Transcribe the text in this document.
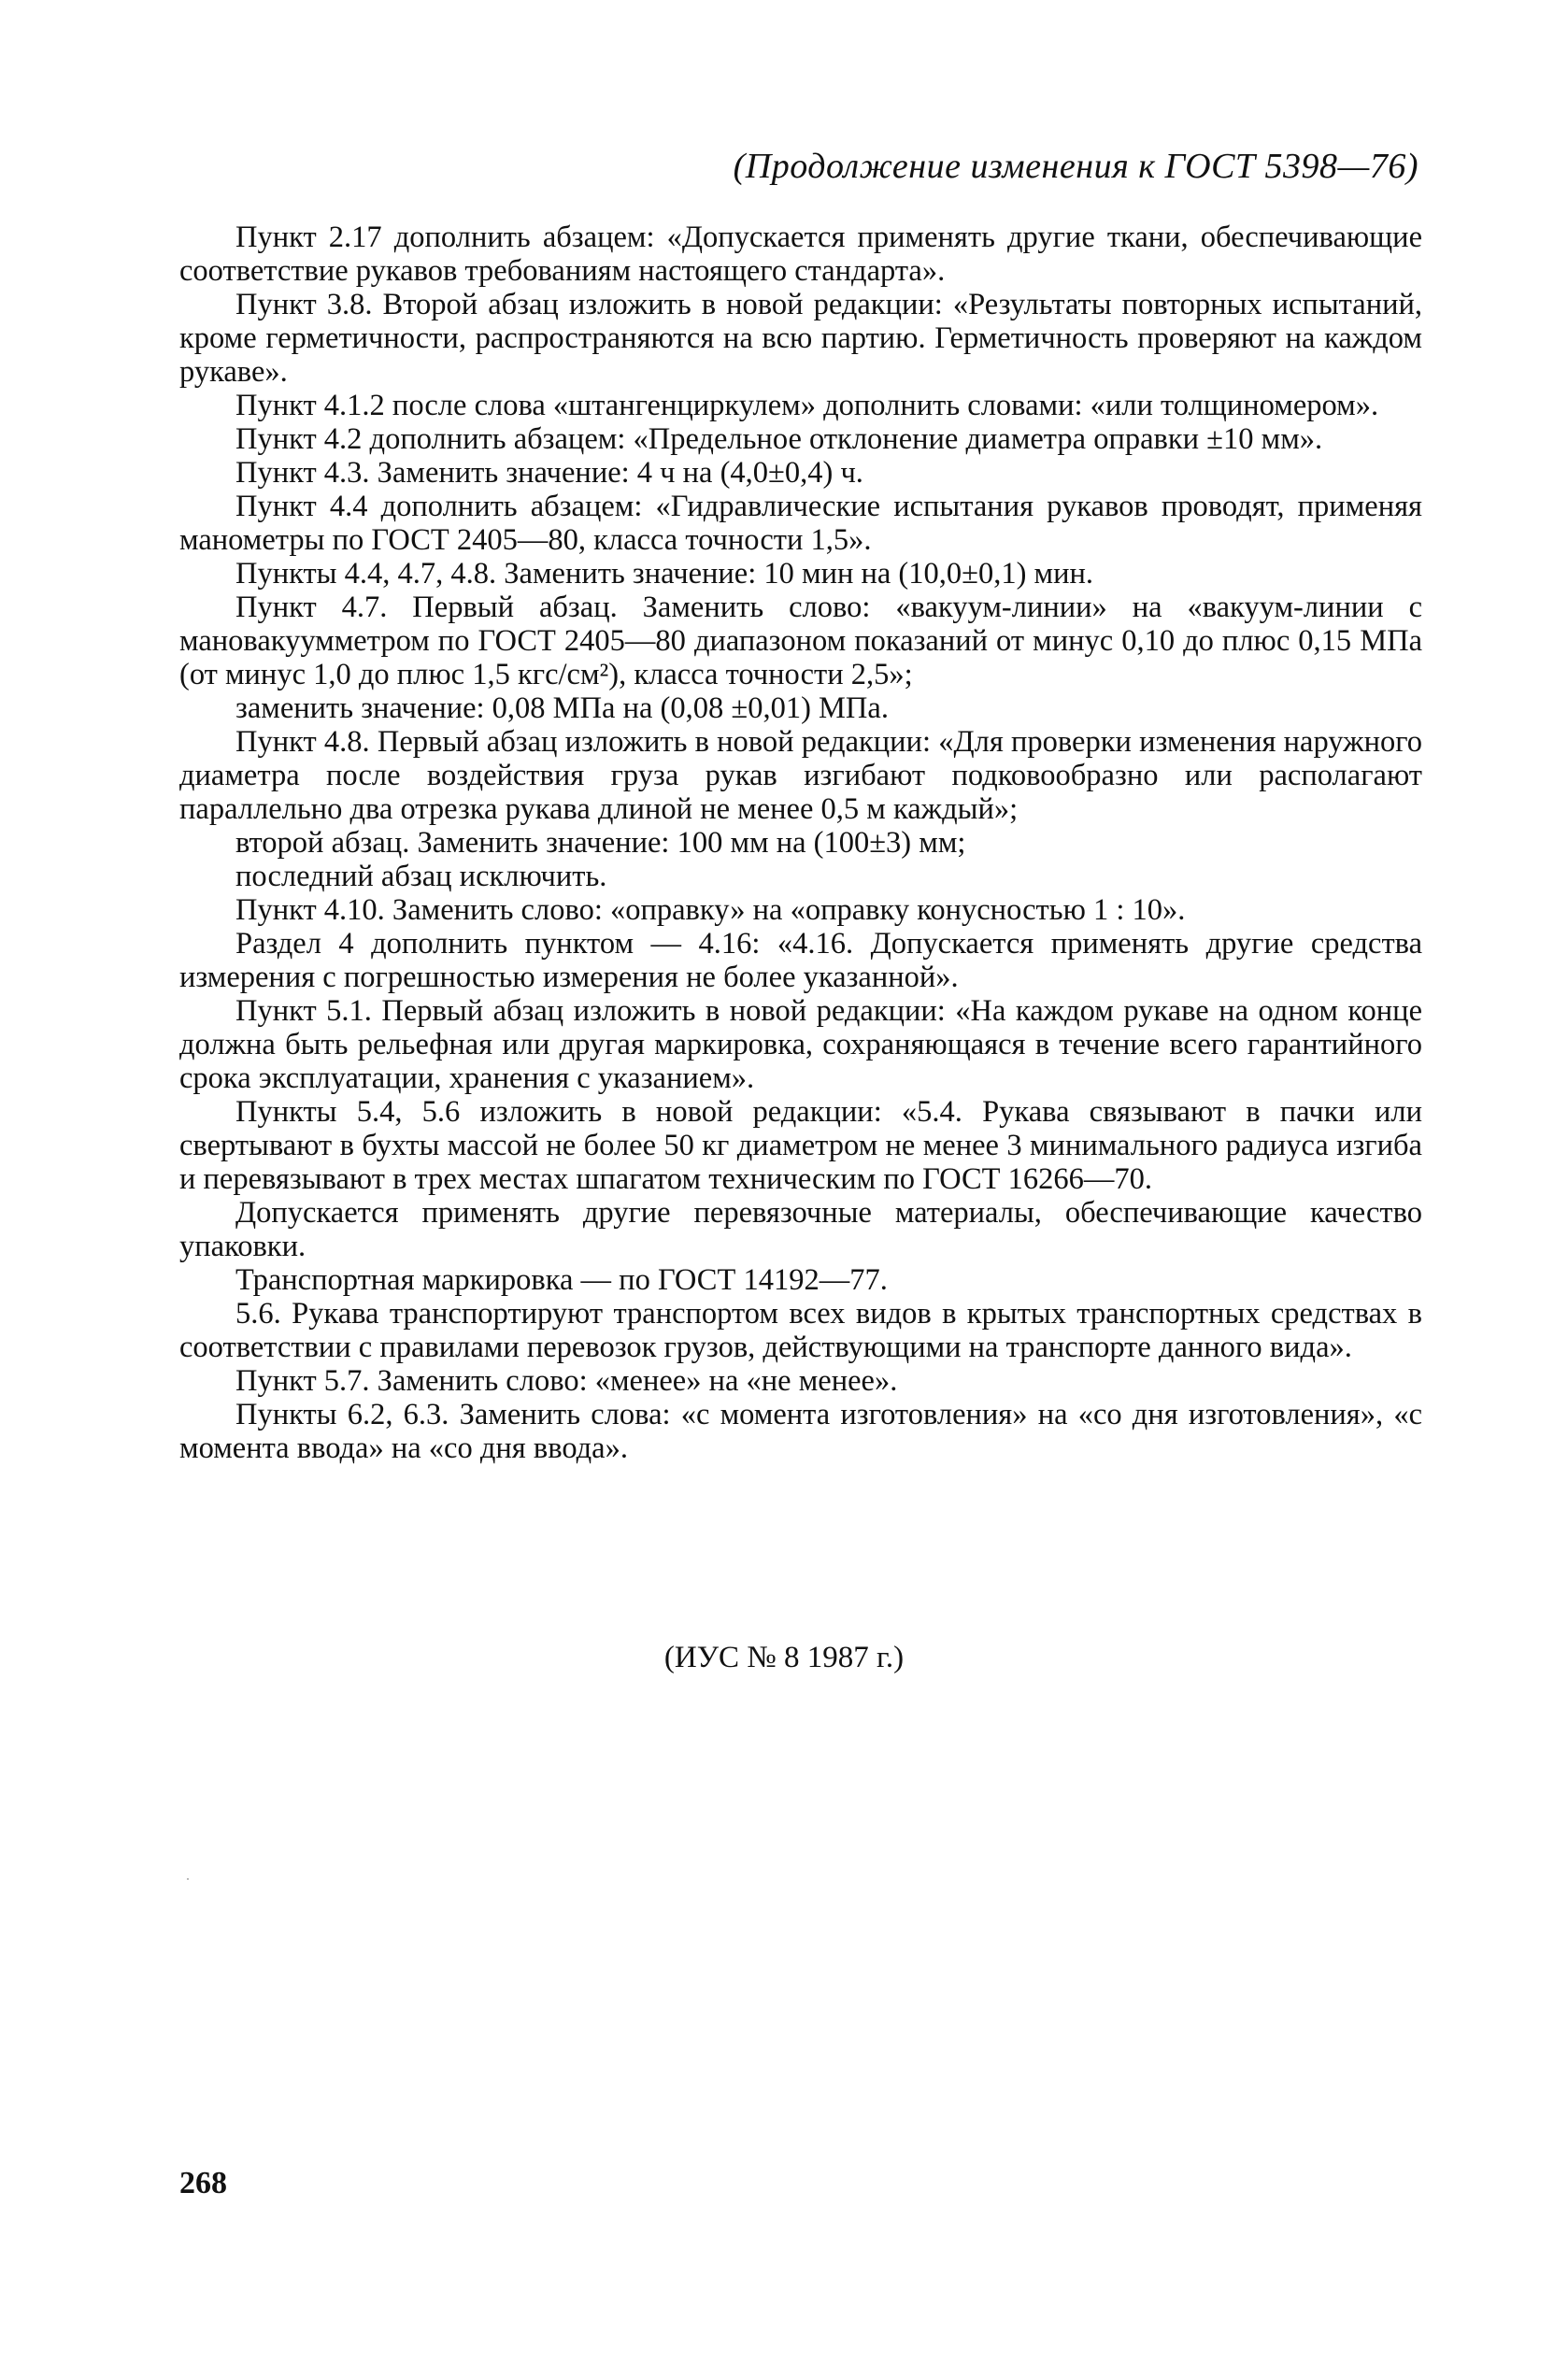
(Продолжение изменения к ГОСТ 5398—76)

Пункт 2.17 дополнить абзацем: «Допускается применять другие ткани, обеспечивающие соответствие рукавов требованиям настоящего стандарта».

Пункт 3.8. Второй абзац изложить в новой редакции: «Результаты повторных испытаний, кроме герметичности, распространяются на всю партию. Герметичность проверяют на каждом рукаве».

Пункт 4.1.2 после слова «штангенциркулем» дополнить словами: «или толщиномером».

Пункт 4.2 дополнить абзацем: «Предельное отклонение диаметра оправки ±10 мм».

Пункт 4.3. Заменить значение: 4 ч на (4,0±0,4) ч.

Пункт 4.4 дополнить абзацем: «Гидравлические испытания рукавов проводят, применяя манометры по ГОСТ 2405—80, класса точности 1,5».

Пункты 4.4, 4.7, 4.8. Заменить значение: 10 мин на (10,0±0,1) мин.

Пункт 4.7. Первый абзац. Заменить слово: «вакуум-линии» на «вакуум-линии с мановакуумметром по ГОСТ 2405—80 диапазоном показаний от минус 0,10 до плюс 0,15 МПа (от минус 1,0 до плюс 1,5 кгс/см²), класса точности 2,5»;

заменить значение: 0,08 МПа на (0,08 ±0,01) МПа.

Пункт 4.8. Первый абзац изложить в новой редакции: «Для проверки изменения наружного диаметра после воздействия груза рукав изгибают подковообразно или располагают параллельно два отрезка рукава длиной не менее 0,5 м каждый»;

второй абзац. Заменить значение: 100 мм на (100±3) мм;

последний абзац исключить.

Пункт 4.10. Заменить слово: «оправку» на «оправку конусностью 1 : 10».

Раздел 4 дополнить пунктом — 4.16: «4.16. Допускается применять другие средства измерения с погрешностью измерения не более указанной».

Пункт 5.1. Первый абзац изложить в новой редакции: «На каждом рукаве на одном конце должна быть рельефная или другая маркировка, сохраняющаяся в течение всего гарантийного срока эксплуатации, хранения с указанием».

Пункты 5.4, 5.6 изложить в новой редакции: «5.4. Рукава связывают в пачки или свертывают в бухты массой не более 50 кг диаметром не менее 3 минимального радиуса изгиба и перевязывают в трех местах шпагатом техническим по ГОСТ 16266—70.

Допускается применять другие перевязочные материалы, обеспечивающие качество упаковки.

Транспортная маркировка — по ГОСТ 14192—77.

5.6. Рукава транспортируют транспортом всех видов в крытых транспортных средствах в соответствии с правилами перевозок грузов, действующими на транспорте данного вида».

Пункт 5.7. Заменить слово: «менее» на «не менее».

Пункты 6.2, 6.3. Заменить слова: «с момента изготовления» на «со дня изготовления», «с момента ввода» на «со дня ввода».

(ИУС № 8 1987 г.)
268
